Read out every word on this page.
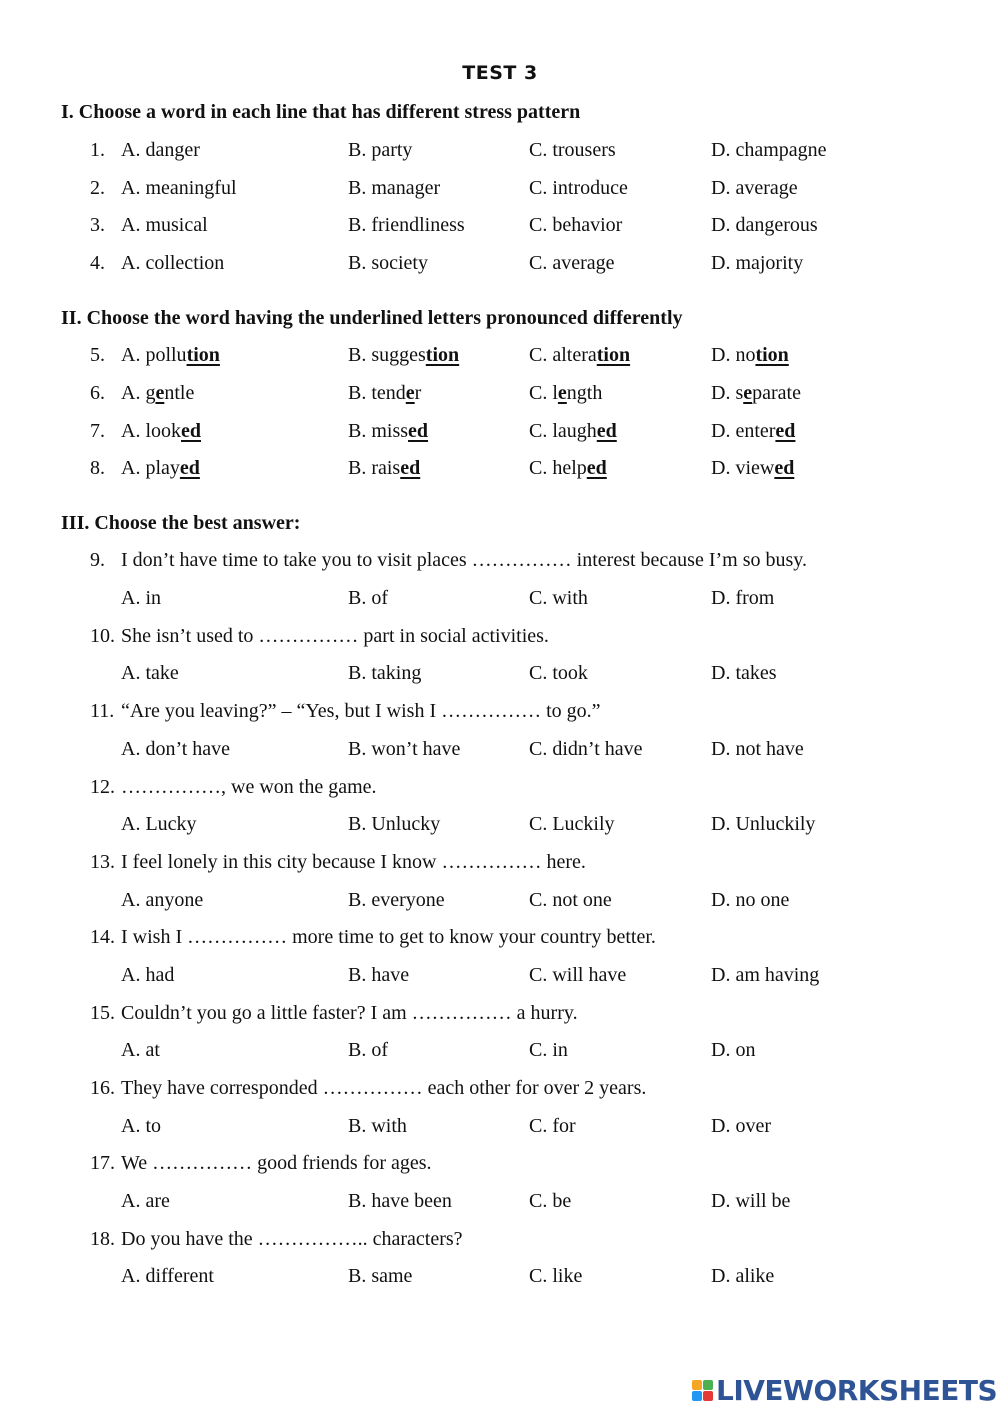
TEST 3
I. Choose a word in each line that has different stress pattern
1. A. danger	B. party	C. trousers	D. champagne
2. A. meaningful	B. manager	C. introduce	D. average
3. A. musical	B. friendliness	C. behavior	D. dangerous
4. A. collection	B. society	C. average	D. majority
II. Choose the word having the underlined letters pronounced differently
5. A. pollution	B. suggestion	C. alteration	D. notion
6. A. gentle	B. tender	C. length	D. separate
7. A. looked	B. missed	C. laughed	D. entered
8. A. played	B. raised	C. helped	D. viewed
III. Choose the best answer:
9. I don’t have time to take you to visit places …………… interest because I’m so busy.
A. in	B. of	C. with	D. from
10. She isn’t used to …………… part in social activities.
A. take	B. taking	C. took	D. takes
11. “Are you leaving?” – “Yes, but I wish I …………… to go.”
A. don’t have	B. won’t have	C. didn’t have	D. not have
12. ……………, we won the game.
A. Lucky	B. Unlucky	C. Luckily	D. Unluckily
13. I feel lonely in this city because I know …………… here.
A. anyone	B. everyone	C. not one	D. no one
14. I wish I …………… more time to get to know your country better.
A. had	B. have	C. will have	D. am having
15. Couldn’t you go a little faster? I am …………… a hurry.
A. at	B. of	C. in	D. on
16. They have corresponded …………… each other for over 2 years.
A. to	B. with	C. for	D. over
17. We …………… good friends for ages.
A. are	B. have been	C. be	D. will be
18. Do you have the …………….. characters?
A. different	B. same	C. like	D. alike
LIVEWORKSHEETS
